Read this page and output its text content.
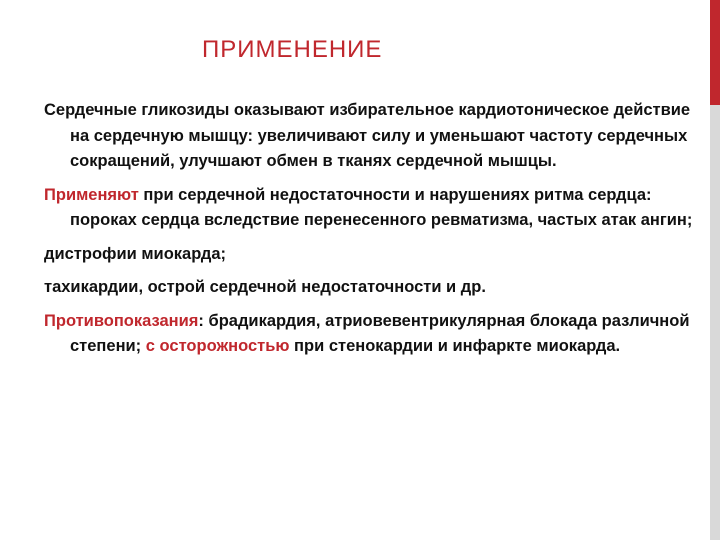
ПРИМЕНЕНИЕ

Сердечные гликозиды оказывают избирательное кардиотоническое действие на сердечную мышцу: увеличивают силу и уменьшают частоту сердечных сокращений, улучшают обмен в тканях сердечной мышцы.

Применяют при сердечной недостаточности и нарушениях ритма сердца: пороках сердца вследствие перенесенного ревматизма, частых атак ангин;

дистрофии миокарда;

тахикардии, острой сердечной недостаточности и др.

Противопоказания: брадикардия, атриовевентрикулярная блокада различной степени; с осторожностью при стенокардии и инфаркте миокарда.
